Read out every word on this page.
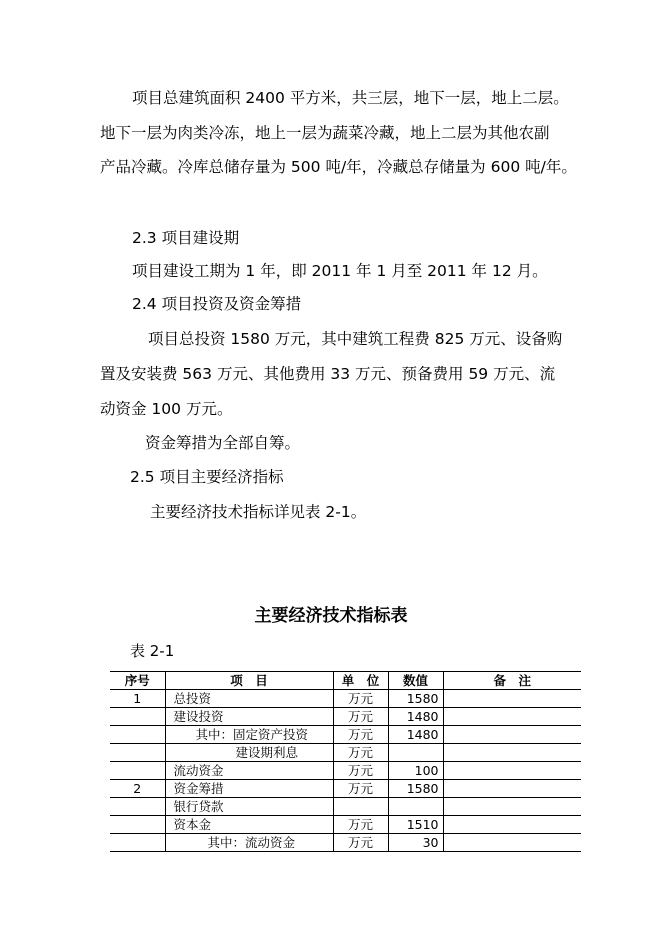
项目总建筑面积 2400 平方米，共三层，地下一层，地上二层。
地下一层为肉类冷冻，地上一层为蔬菜冷藏，地上二层为其他农副
产品冷藏。冷库总储存量为 500 吨/年，冷藏总存储量为 600 吨/年。
2.3 项目建设期
项目建设工期为 1 年，即 2011 年 1 月至 2011 年 12 月。
2.4 项目投资及资金筹措
项目总投资 1580 万元，其中建筑工程费 825 万元、设备购
置及安装费 563 万元、其他费用 33 万元、预备费用 59 万元、流
动资金 100 万元。
资金筹措为全部自筹。
2.5 项目主要经济指标
主要经济技术指标详见表 2-1。
主要经济技术指标表
表 2-1
序号	项　目	单　位	数值	备　注
1	总投资	万元	1580	
	建设投资	万元	1480	
	其中：固定资产投资	万元	1480	
	建设期利息	万元		
	流动资金	万元	100	
2	资金筹措	万元	1580	
	银行贷款			
	资本金	万元	1510	
	其中：流动资金	万元	30	
